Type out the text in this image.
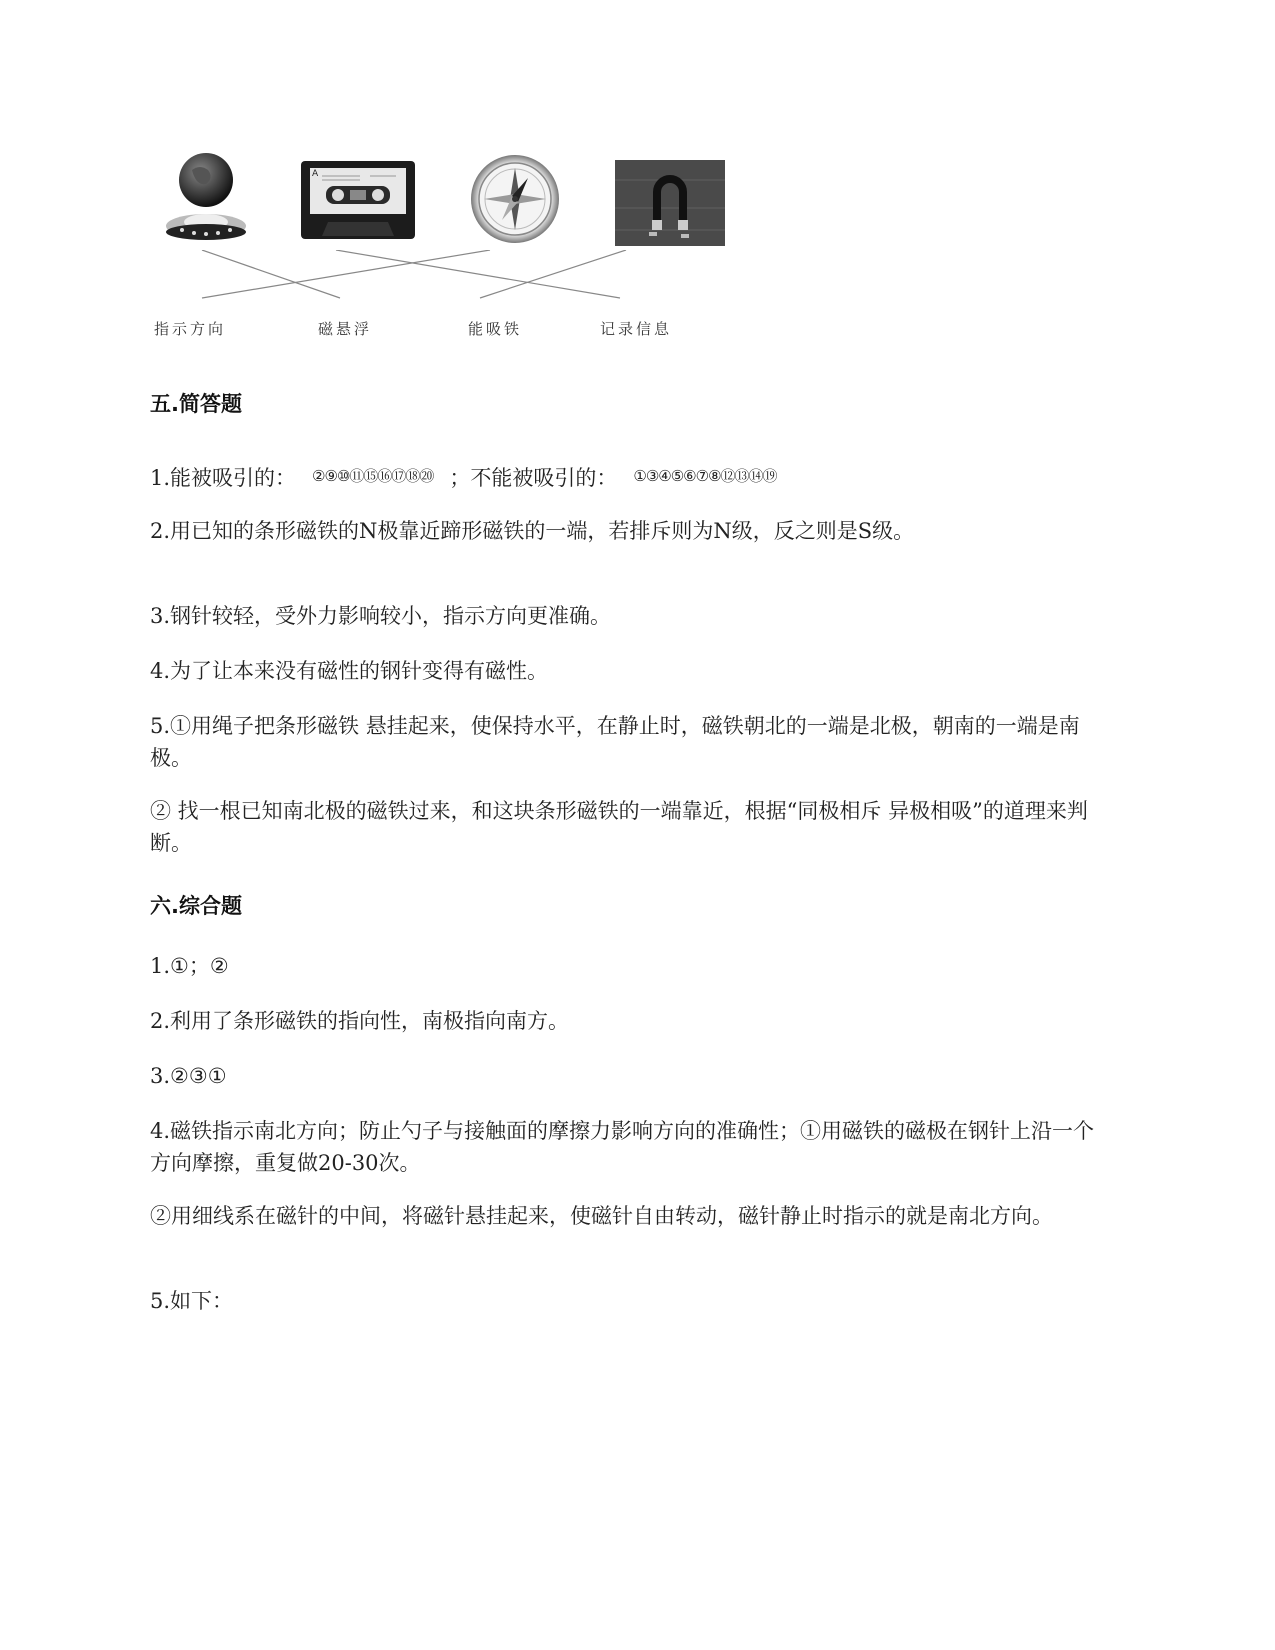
A
指示方向	磁悬浮	能吸铁	记录信息
五.简答题
1.能被吸引的： ②⑨⑩⑪⑮⑯⑰⑱⑳ ；不能被吸引的： ①③④⑤⑥⑦⑧⑫⑬⑭⑲
2.用已知的条形磁铁的N极靠近蹄形磁铁的一端，若排斥则为N级，反之则是S级。
3.钢针较轻，受外力影响较小，指示方向更准确。
4.为了让本来没有磁性的钢针变得有磁性。
5.①用绳子把条形磁铁 悬挂起来，使保持水平，在静止时，磁铁朝北的一端是北极，朝南的一端是南极。
② 找一根已知南北极的磁铁过来，和这块条形磁铁的一端靠近，根据“同极相斥 异极相吸”的道理来判断。
六.综合题
1.①；②
2.利用了条形磁铁的指向性，南极指向南方。
3.②③①
4.磁铁指示南北方向；防止勺子与接触面的摩擦力影响方向的准确性；①用磁铁的磁极在钢针上沿一个方向摩擦，重复做20-30次。
②用细线系在磁针的中间，将磁针悬挂起来，使磁针自由转动，磁针静止时指示的就是南北方向。
5.如下：
